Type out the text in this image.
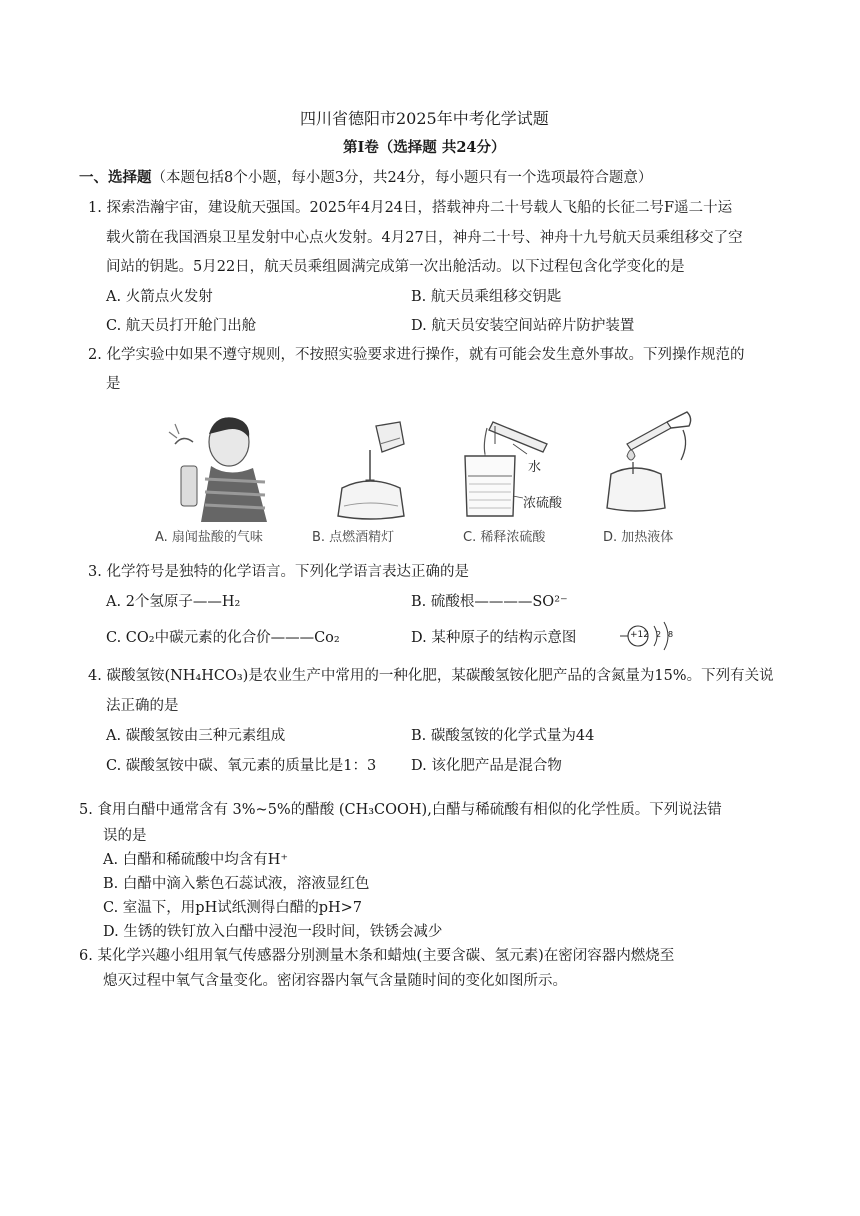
四川省德阳市2025年中考化学试题
第Ⅰ卷（选择题 共24分）
一、选择题（本题包括8个小题，每小题3分，共24分，每小题只有一个选项最符合题意）
1. 探索浩瀚宇宙，建设航天强国。2025年4月24日，搭载神舟二十号载人飞船的长征二号F遥二十运
载火箭在我国酒泉卫星发射中心点火发射。4月27日，神舟二十号、神舟十九号航天员乘组移交了空
间站的钥匙。5月22日，航天员乘组圆满完成第一次出舱活动。以下过程包含化学变化的是
A. 火箭点火发射	B. 航天员乘组移交钥匙
C. 航天员打开舱门出舱	D. 航天员安装空间站碎片防护装置
2. 化学实验中如果不遵守规则，不按照实验要求进行操作，就有可能会发生意外事故。下列操作规范的
是
A. 扇闻盐酸的气味	B. 点燃酒精灯
水
浓硫酸
C. 稀释浓硫酸	D. 加热液体
3. 化学符号是独特的化学语言。下列化学语言表达正确的是
A. 2个氢原子——H₂	B. 硫酸根————SO²⁻
C. CO₂中碳元素的化合价———Co₂	D. 某种原子的结构示意图	+12 2 8
4. 碳酸氢铵(NH₄HCO₃)是农业生产中常用的一种化肥，某碳酸氢铵化肥产品的含氮量为15%。下列有关说
法正确的是
A. 碳酸氢铵由三种元素组成	B. 碳酸氢铵的化学式量为44
C. 碳酸氢铵中碳、氧元素的质量比是1：3 D. 该化肥产品是混合物
5. 食用白醋中通常含有 3%~5%的醋酸 (CH₃COOH),白醋与稀硫酸有相似的化学性质。下列说法错
误的是
A. 白醋和稀硫酸中均含有H⁺
B. 白醋中滴入紫色石蕊试液，溶液显红色
C. 室温下，用pH试纸测得白醋的pH>7
D. 生锈的铁钉放入白醋中浸泡一段时间，铁锈会减少
6. 某化学兴趣小组用氧气传感器分别测量木条和蜡烛(主要含碳、氢元素)在密闭容器内燃烧至
熄灭过程中氧气含量变化。密闭容器内氧气含量随时间的变化如图所示。
